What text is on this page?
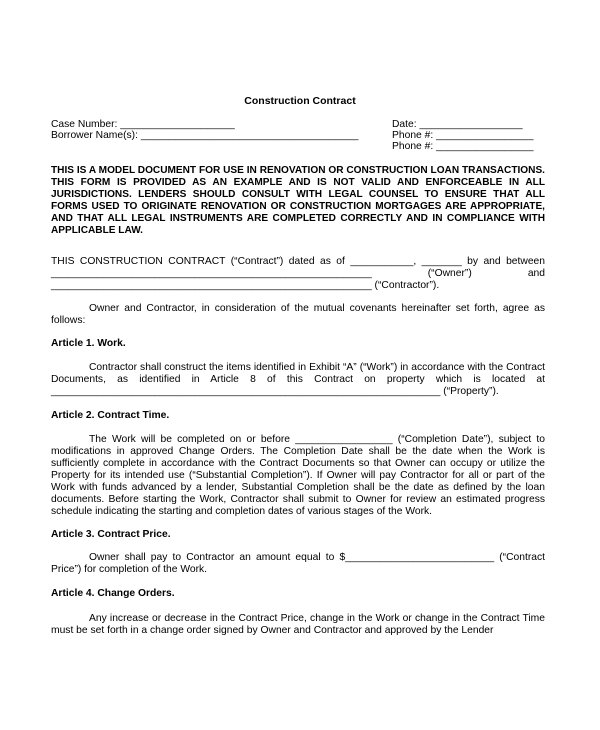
Construction Contract
Case Number: ____________________
Borrower Name(s): ______________________________________
Date: __________________
Phone #: _________________
Phone #: _________________
THIS IS A MODEL DOCUMENT FOR USE IN RENOVATION OR CONSTRUCTION LOAN TRANSACTIONS. THIS FORM IS PROVIDED AS AN EXAMPLE AND IS NOT VALID AND ENFORCEABLE IN ALL JURISDICTIONS. LENDERS SHOULD CONSULT WITH LEGAL COUNSEL TO ENSURE THAT ALL FORMS USED TO ORIGINATE RENOVATION OR CONSTRUCTION MORTGAGES ARE APPROPRIATE, AND THAT ALL LEGAL INSTRUMENTS ARE COMPLETED CORRECTLY AND IN COMPLIANCE WITH APPLICABLE LAW.
THIS CONSTRUCTION CONTRACT (“Contract”) dated as of ___________, _______ by and between ________________________________________________________ (“Owner”) and ________________________________________________________ (“Contractor”).
Owner and Contractor, in consideration of the mutual covenants hereinafter set forth, agree as follows:
Article 1. Work.
Contractor shall construct the items identified in Exhibit “A” (“Work”) in accordance with the Contract Documents, as identified in Article 8 of this Contract on property which is located at ____________________________________________________________________ (“Property”).
Article 2. Contract Time.
The Work will be completed on or before _________________ (“Completion Date”), subject to modifications in approved Change Orders. The Completion Date shall be the date when the Work is sufficiently complete in accordance with the Contract Documents so that Owner can occupy or utilize the Property for its intended use (“Substantial Completion”). If Owner will pay Contractor for all or part of the Work with funds advanced by a lender, Substantial Completion shall be the date as defined by the loan documents. Before starting the Work, Contractor shall submit to Owner for review an estimated progress schedule indicating the starting and completion dates of various stages of the Work.
Article 3. Contract Price.
Owner shall pay to Contractor an amount equal to $__________________________ (“Contract Price”) for completion of the Work.
Article 4. Change Orders.
Any increase or decrease in the Contract Price, change in the Work or change in the Contract Time must be set forth in a change order signed by Owner and Contractor and approved by the Lender
